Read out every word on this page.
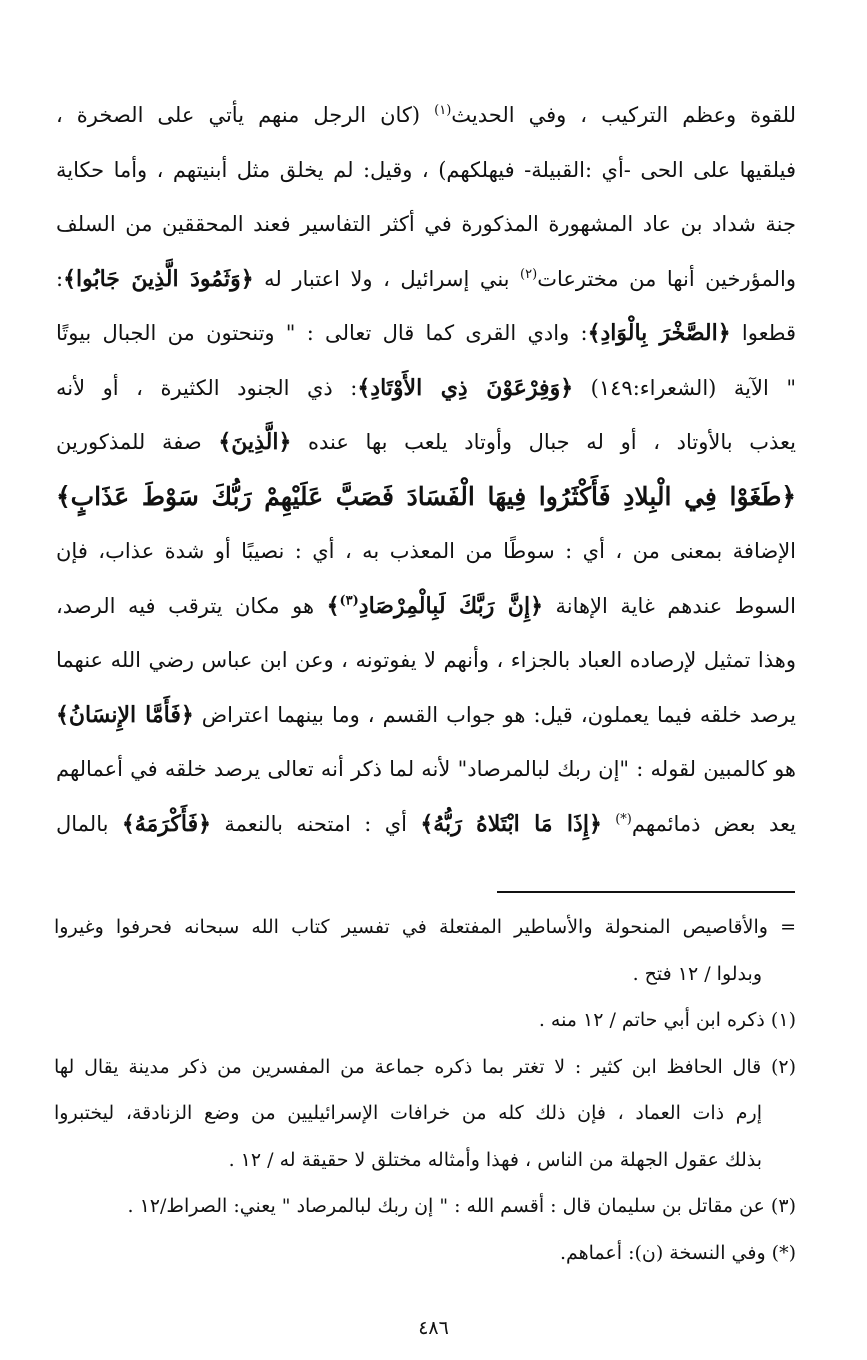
للقوة وعظم التركيب ، وفي الحديث$^{(١)}$ (كان الرجل منهم يأتي على الصخرة ،
فيلقيها على الحى -أي :القبيلة- فيهلكهم) ، وقيل: لم يخلق مثل أبنيتهم ، وأما حكاية
جنة شداد بن عاد المشهورة المذكورة في أكثر التفاسير فعند المحققين من السلف
والمؤرخين أنها من مخترعات$^{(٢)}$ بني إسرائيل ، ولا اعتبار له ﴿وَثَمُودَ الَّذِينَ جَابُوا﴾:
قطعوا ﴿الصَّخْرَ بِالْوَادِ﴾: وادي القرى كما قال تعالى : " وتنحتون من الجبال بيوتًا
" الآية (الشعراء:١٤٩) ﴿وَفِرْعَوْنَ ذِي الأَوْتَادِ﴾: ذي الجنود الكثيرة ، أو لأنه
يعذب بالأوتاد ، أو له جبال وأوتاد يلعب بها عنده ﴿الَّذِينَ﴾ صفة للمذكورين
﴿طَغَوْا فِي الْبِلادِ فَأَكْثَرُوا فِيهَا الْفَسَادَ فَصَبَّ عَلَيْهِمْ رَبُّكَ سَوْطَ عَذَابٍ﴾
الإضافة بمعنى من ، أي : سوطًا من المعذب به ، أي : نصيبًا أو شدة عذاب، فإن
السوط عندهم غاية الإهانة ﴿إِنَّ رَبَّكَ لَبِالْمِرْصَادِ$^{(٣)}$﴾ هو مكان يترقب فيه الرصد،
وهذا تمثيل لإرصاده العباد بالجزاء ، وأنهم لا يفوتونه ، وعن ابن عباس رضي الله عنهما
يرصد خلقه فيما يعملون، قيل: هو جواب القسم ، وما بينهما اعتراض ﴿فَأَمَّا الإِنسَانُ﴾
هو كالمبين لقوله : "إن ربك لبالمرصاد" لأنه لما ذكر أنه تعالى يرصد خلقه في أعمالهم
يعد بعض ذمائمهم(*) ﴿إِذَا مَا ابْتَلاهُ رَبُّهُ﴾ أي : امتحنه بالنعمة ﴿فَأَكْرَمَهُ﴾ بالمال
= والأقاصيص المنحولة والأساطير المفتعلة في تفسير كتاب الله سبحانه فحرفوا وغيروا
وبدلوا / ١٢ فتح .
(١) ذكره ابن أبي حاتم / ١٢ منه .
(٢) قال الحافظ ابن كثير : لا تغتر بما ذكره جماعة من المفسرين من ذكر مدينة يقال لها
إرم ذات العماد ، فإن ذلك كله من خرافات الإسرائيليين من وضع الزنادقة، ليختبروا
بذلك عقول الجهلة من الناس ، فهذا وأمثاله مختلق لا حقيقة له / ١٢ .
(٣) عن مقاتل بن سليمان قال : أقسم الله : " إن ربك لبالمرصاد " يعني: الصراط/١٢ .
(*) وفي النسخة (ن): أعماهم.
٤٨٦
